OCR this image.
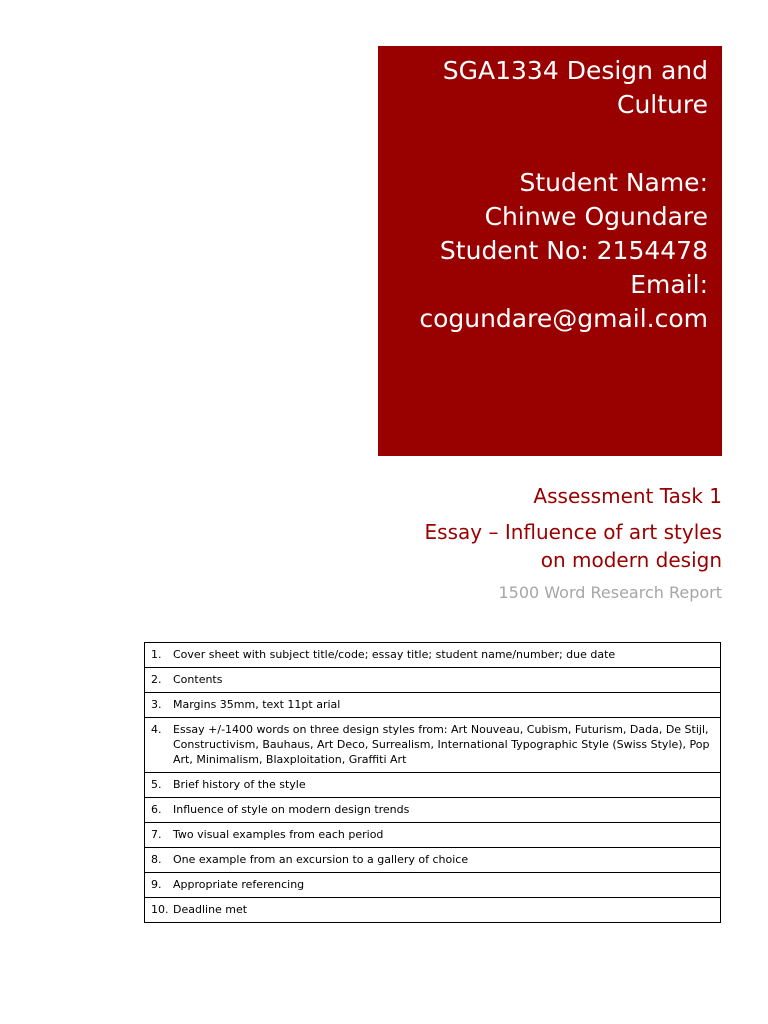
SGA1334 Design and
Culture
Student Name:
Chinwe Ogundare
Student No: 2154478
Email:
cogundare@gmail.com
Assessment Task 1
Essay – Influence of art styles
on modern design
1500 Word Research Report
1.	Cover sheet with subject title/code; essay title; student name/number; due date

2.	Contents

3.	Margins 35mm, text 11pt arial

4.	Essay +/-1400 words on three design styles from: Art Nouveau, Cubism, Futurism, Dada, De Stijl, Constructivism, Bauhaus, Art Deco, Surrealism, International Typographic Style (Swiss Style), Pop Art, Minimalism, Blaxploitation, Graffiti Art

5.	Brief history of the style

6.	Influence of style on modern design trends

7.	Two visual examples from each period

8.	One example from an excursion to a gallery of choice

9.	Appropriate referencing

10. Deadline met
